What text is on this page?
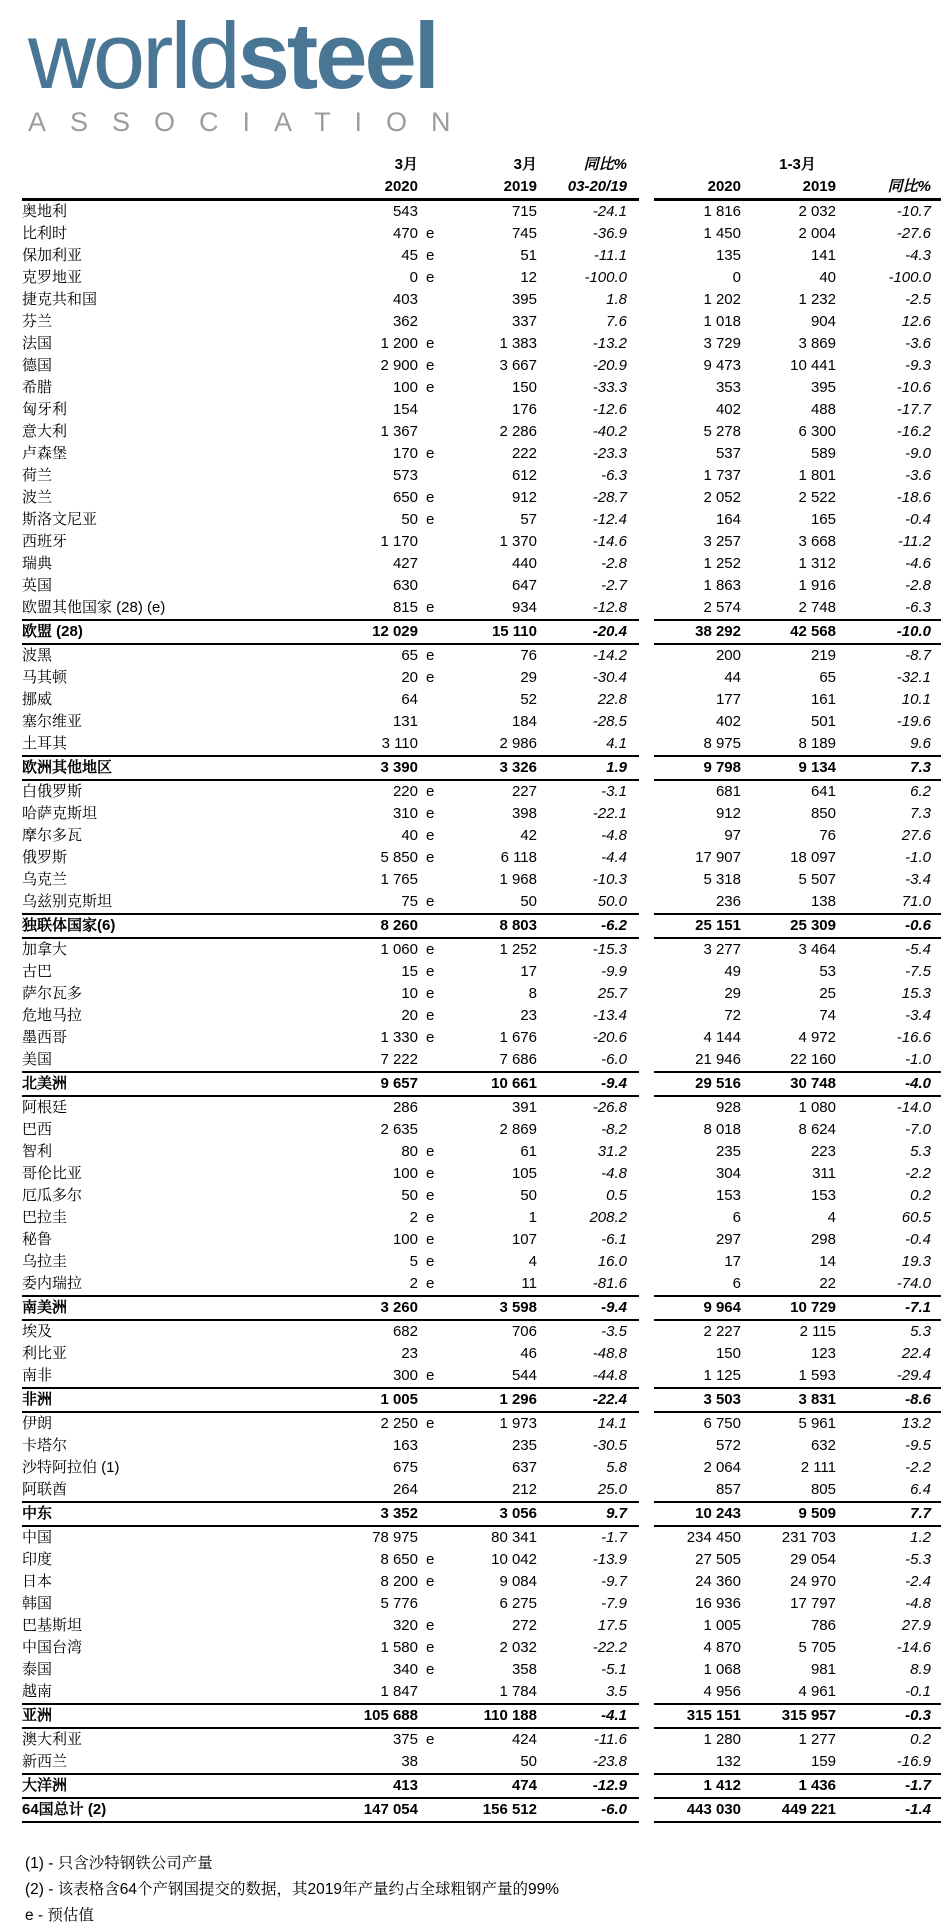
worldsteel
ASSOCIATION
	3月		3月	同比%		1-3月		
	2020		2019	03-20/19		2020	2019	同比%
奥地利	543		715	-24.1		1 816	2 032	-10.7
比利时	470	e	745	-36.9		1 450	2 004	-27.6
保加利亚	45	e	51	-11.1		135	141	-4.3
克罗地亚	0	e	12	-100.0		0	40	-100.0
捷克共和国	403		395	1.8		1 202	1 232	-2.5
芬兰	362		337	7.6		1 018	904	12.6
法国	1 200	e	1 383	-13.2		3 729	3 869	-3.6
德国	2 900	e	3 667	-20.9		9 473	10 441	-9.3
希腊	100	e	150	-33.3		353	395	-10.6
匈牙利	154		176	-12.6		402	488	-17.7
意大利	1 367		2 286	-40.2		5 278	6 300	-16.2
卢森堡	170	e	222	-23.3		537	589	-9.0
荷兰	573		612	-6.3		1 737	1 801	-3.6
波兰	650	e	912	-28.7		2 052	2 522	-18.6
斯洛文尼亚	50	e	57	-12.4		164	165	-0.4
西班牙	1 170		1 370	-14.6		3 257	3 668	-11.2
瑞典	427		440	-2.8		1 252	1 312	-4.6
英国	630		647	-2.7		1 863	1 916	-2.8
欧盟其他国家 (28) (e)	815	e	934	-12.8		2 574	2 748	-6.3
欧盟 (28)	12 029		15 110	-20.4		38 292	42 568	-10.0
波黑	65	e	76	-14.2		200	219	-8.7
马其顿	20	e	29	-30.4		44	65	-32.1
挪威	64		52	22.8		177	161	10.1
塞尔维亚	131		184	-28.5		402	501	-19.6
土耳其	3 110		2 986	4.1		8 975	8 189	9.6
欧洲其他地区	3 390		3 326	1.9		9 798	9 134	7.3
白俄罗斯	220	e	227	-3.1		681	641	6.2
哈萨克斯坦	310	e	398	-22.1		912	850	7.3
摩尔多瓦	40	e	42	-4.8		97	76	27.6
俄罗斯	5 850	e	6 118	-4.4		17 907	18 097	-1.0
乌克兰	1 765		1 968	-10.3		5 318	5 507	-3.4
乌兹别克斯坦	75	e	50	50.0		236	138	71.0
独联体国家(6)	8 260		8 803	-6.2		25 151	25 309	-0.6
加拿大	1 060	e	1 252	-15.3		3 277	3 464	-5.4
古巴	15	e	17	-9.9		49	53	-7.5
萨尔瓦多	10	e	8	25.7		29	25	15.3
危地马拉	20	e	23	-13.4		72	74	-3.4
墨西哥	1 330	e	1 676	-20.6		4 144	4 972	-16.6
美国	7 222		7 686	-6.0		21 946	22 160	-1.0
北美洲	9 657		10 661	-9.4		29 516	30 748	-4.0
阿根廷	286		391	-26.8		928	1 080	-14.0
巴西	2 635		2 869	-8.2		8 018	8 624	-7.0
智利	80	e	61	31.2		235	223	5.3
哥伦比亚	100	e	105	-4.8		304	311	-2.2
厄瓜多尔	50	e	50	0.5		153	153	0.2
巴拉圭	2	e	1	208.2		6	4	60.5
秘鲁	100	e	107	-6.1		297	298	-0.4
乌拉圭	5	e	4	16.0		17	14	19.3
委内瑞拉	2	e	11	-81.6		6	22	-74.0
南美洲	3 260		3 598	-9.4		9 964	10 729	-7.1
埃及	682		706	-3.5		2 227	2 115	5.3
利比亚	23		46	-48.8		150	123	22.4
南非	300	e	544	-44.8		1 125	1 593	-29.4
非洲	1 005		1 296	-22.4		3 503	3 831	-8.6
伊朗	2 250	e	1 973	14.1		6 750	5 961	13.2
卡塔尔	163		235	-30.5		572	632	-9.5
沙特阿拉伯 (1)	675		637	5.8		2 064	2 111	-2.2
阿联酋	264		212	25.0		857	805	6.4
中东	3 352		3 056	9.7		10 243	9 509	7.7
中国	78 975		80 341	-1.7		234 450	231 703	1.2
印度	8 650	e	10 042	-13.9		27 505	29 054	-5.3
日本	8 200	e	9 084	-9.7		24 360	24 970	-2.4
韩国	5 776		6 275	-7.9		16 936	17 797	-4.8
巴基斯坦	320	e	272	17.5		1 005	786	27.9
中国台湾	1 580	e	2 032	-22.2		4 870	5 705	-14.6
泰国	340	e	358	-5.1		1 068	981	8.9
越南	1 847		1 784	3.5		4 956	4 961	-0.1
亚洲	105 688		110 188	-4.1		315 151	315 957	-0.3
澳大利亚	375	e	424	-11.6		1 280	1 277	0.2
新西兰	38		50	-23.8		132	159	-16.9
大洋洲	413		474	-12.9		1 412	1 436	-1.7
64国总计 (2)	147 054		156 512	-6.0		443 030	449 221	-1.4
(1) - 只含沙特钢铁公司产量
(2) - 该表格含64个产钢国提交的数据，其2019年产量约占全球粗钢产量的99%
e - 预估值
